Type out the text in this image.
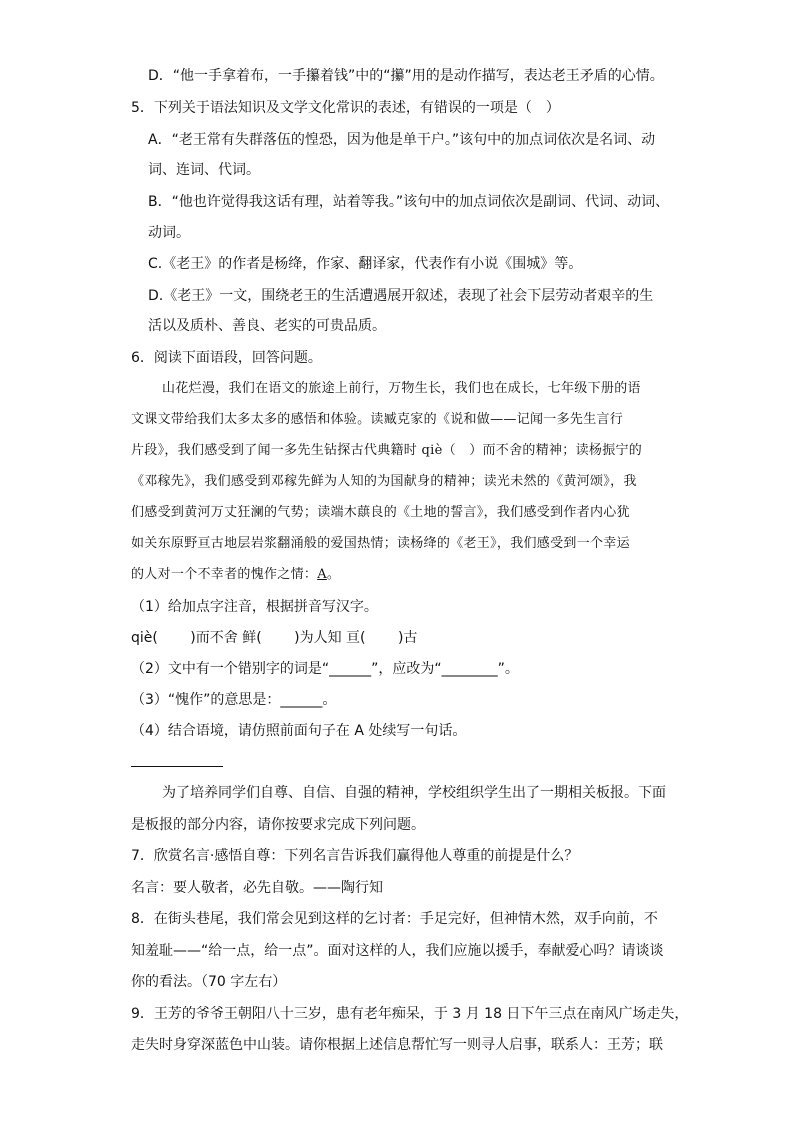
D．“他一手拿着布，一手攥着钱”中的“攥”用的是动作描写，表达老王矛盾的心情。
5．下列关于语法知识及文学文化常识的表述，有错误的一项是（　）
A．“老王常有失群落伍的惶恐，因为他是单干户。”该句中的加点词依次是名词、动
词、连词、代词。
B．“他也许觉得我这话有理，站着等我。”该句中的加点词依次是副词、代词、动词、
动词。
C.《老王》的作者是杨绛，作家、翻译家，代表作有小说《围城》等。
D.《老王》一文，围绕老王的生活遭遇展开叙述，表现了社会下层劳动者艰辛的生
活以及质朴、善良、老实的可贵品质。
6．阅读下面语段，回答问题。
山花烂漫，我们在语文的旅途上前行，万物生长，我们也在成长，七年级下册的语
文课文带给我们太多太多的感悟和体验。读臧克家的《说和做——记闻一多先生言行
片段》，我们感受到了闻一多先生钻探古代典籍时 qiè（　）而不舍的精神；读杨振宁的
《邓稼先》，我们感受到邓稼先鲜为人知的为国献身的精神；读光未然的《黄河颂》，我
们感受到黄河万丈狂澜的气势；读端木蕻良的《土地的誓言》，我们感受到作者内心犹
如关东原野亘古地层岩浆翻涌般的爱国热情；读杨绛的《老王》，我们感受到一个幸运
的人对一个不幸者的愧作之情：A。
（1）给加点字注音，根据拼音写汉字。
qiè(　　 )而不舍 鲜(　　 )为人知 亘(　　 )古
（2）文中有一个错别字的词是“______”，应改为“________”。
（3）“愧作”的意思是：______。
（4）结合语境，请仿照前面句子在 A 处续写一句话。
为了培养同学们自尊、自信、自强的精神，学校组织学生出了一期相关板报。下面
是板报的部分内容，请你按要求完成下列问题。
7．欣赏名言·感悟自尊：下列名言告诉我们赢得他人尊重的前提是什么？
名言：要人敬者，必先自敬。——陶行知
8．在街头巷尾，我们常会见到这样的乞讨者：手足完好，但神情木然，双手向前，不
知羞耻——“给一点，给一点”。面对这样的人，我们应施以援手，奉献爱心吗？请谈谈
你的看法。（70 字左右）
9．王芳的爷爷王朝阳八十三岁，患有老年痴呆，于 3 月 18 日下午三点在南风广场走失，
走失时身穿深蓝色中山装。请你根据上述信息帮忙写一则寻人启事，联系人：王芳；联
